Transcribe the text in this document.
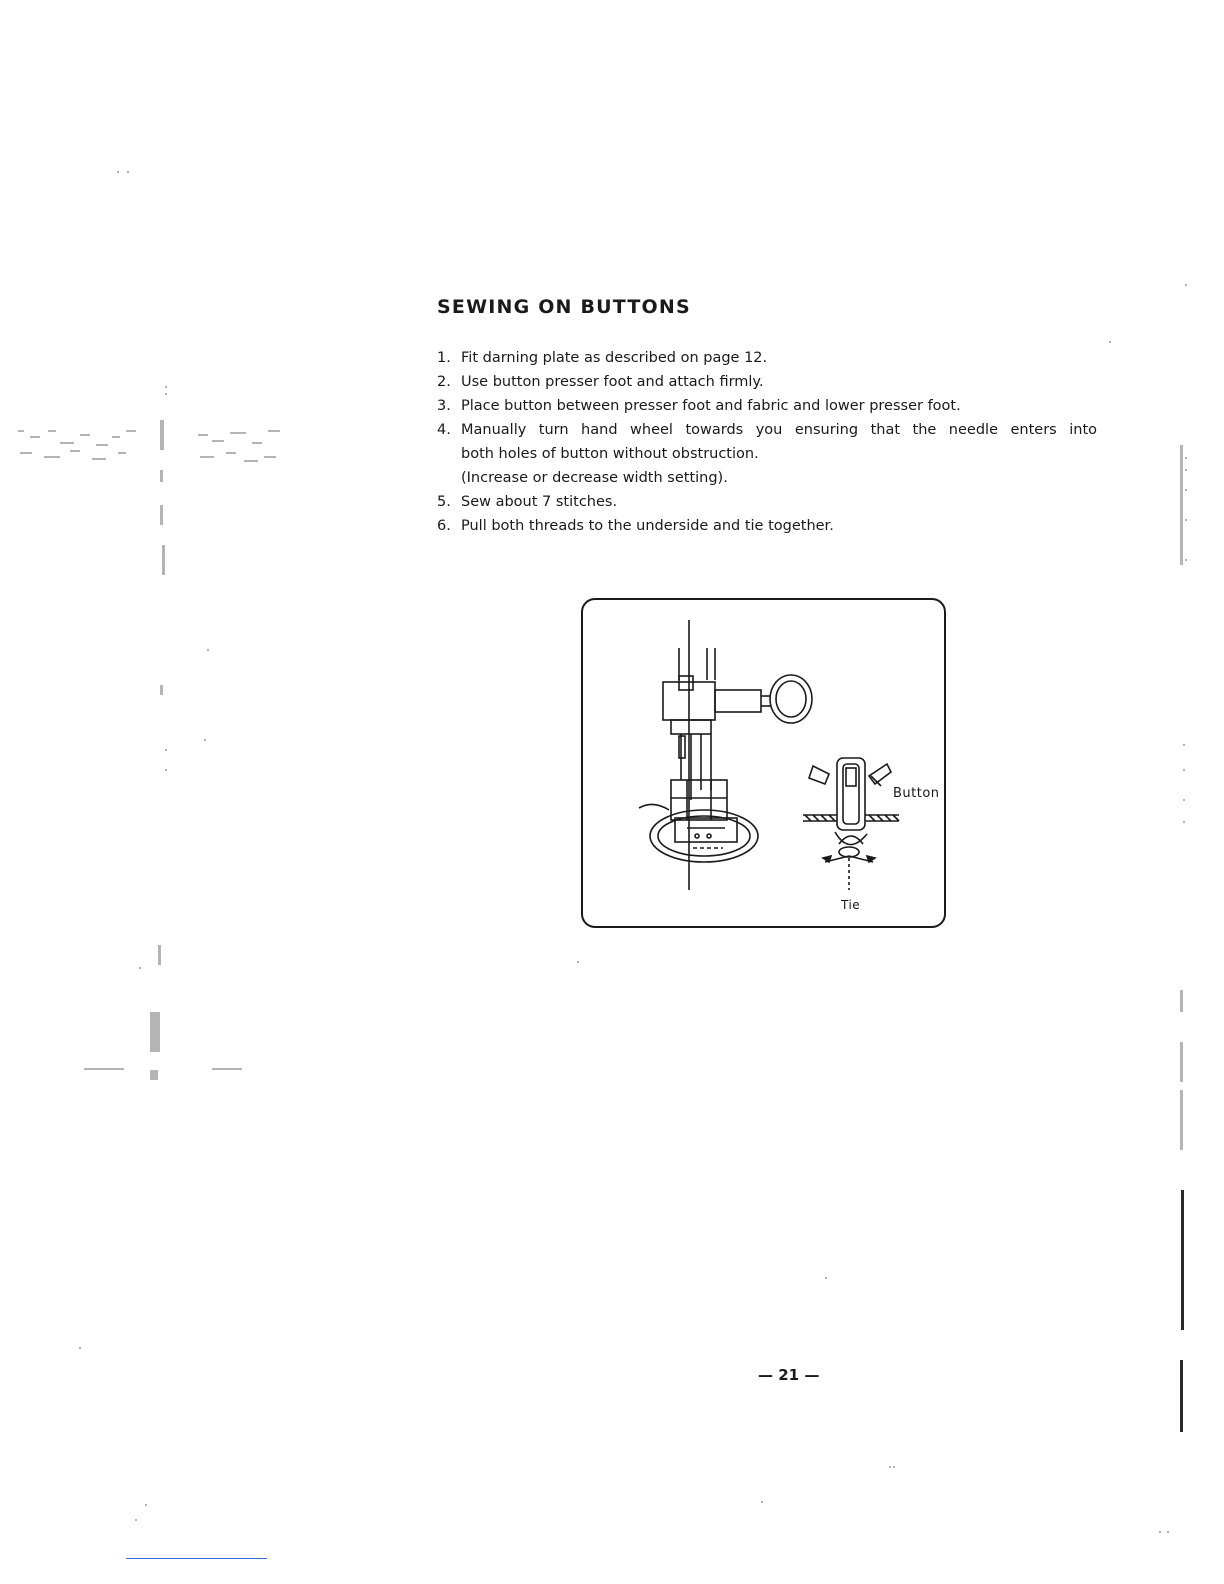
SEWING ON BUTTONS
1. Fit darning plate as described on page 12.
2. Use button presser foot and attach firmly.
3. Place button between presser foot and fabric and lower presser foot.
4. Manually turn hand wheel towards you ensuring that the needle enters into
both holes of button without obstruction.
(Increase or decrease width setting).
5. Sew about 7 stitches.
6. Pull both threads to the underside and tie together.
Button
Tie
— 21 —
